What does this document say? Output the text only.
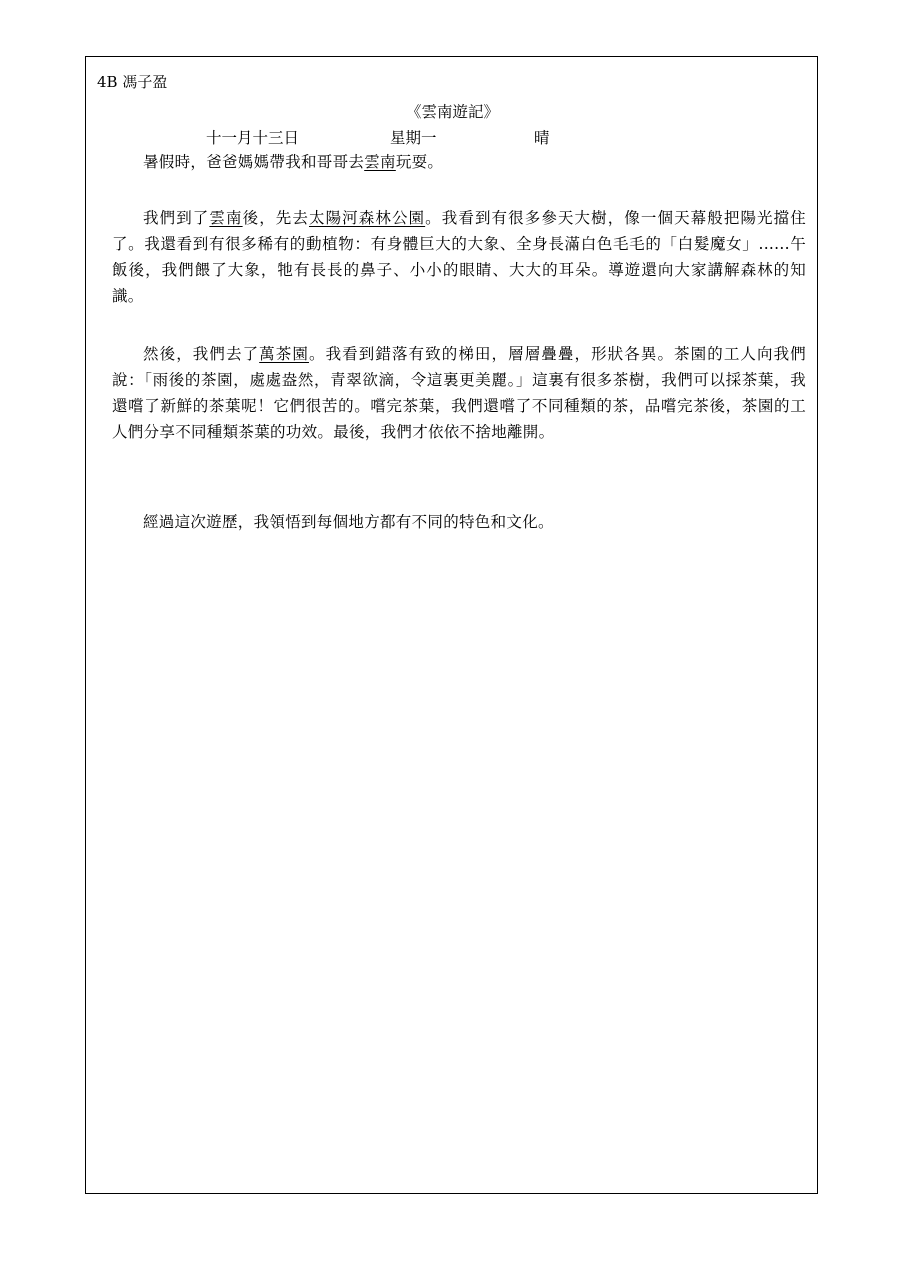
4B 馮子盈
《雲南遊記》
十一月十三日	星期一	晴

暑假時，爸爸媽媽帶我和哥哥去雲南玩耍。

我們到了雲南後，先去太陽河森林公園。我看到有很多參天大樹，像一個天幕般把陽光擋住了。我還看到有很多稀有的動植物：有身體巨大的大象、全身長滿白色毛毛的「白髮魔女」......午飯後，我們餵了大象，牠有長長的鼻子、小小的眼睛、大大的耳朵。導遊還向大家講解森林的知識。

然後，我們去了萬茶園。我看到錯落有致的梯田，層層疊疊，形狀各異。茶園的工人向我們說：「雨後的茶園，處處盎然，青翠欲滴，令這裏更美麗。」這裏有很多茶樹，我們可以採茶葉，我還嚐了新鮮的茶葉呢！它們很苦的。嚐完茶葉，我們還嚐了不同種類的茶，品嚐完茶後，茶園的工人們分享不同種類茶葉的功效。最後，我們才依依不捨地離開。

經過這次遊歷，我領悟到每個地方都有不同的特色和文化。
